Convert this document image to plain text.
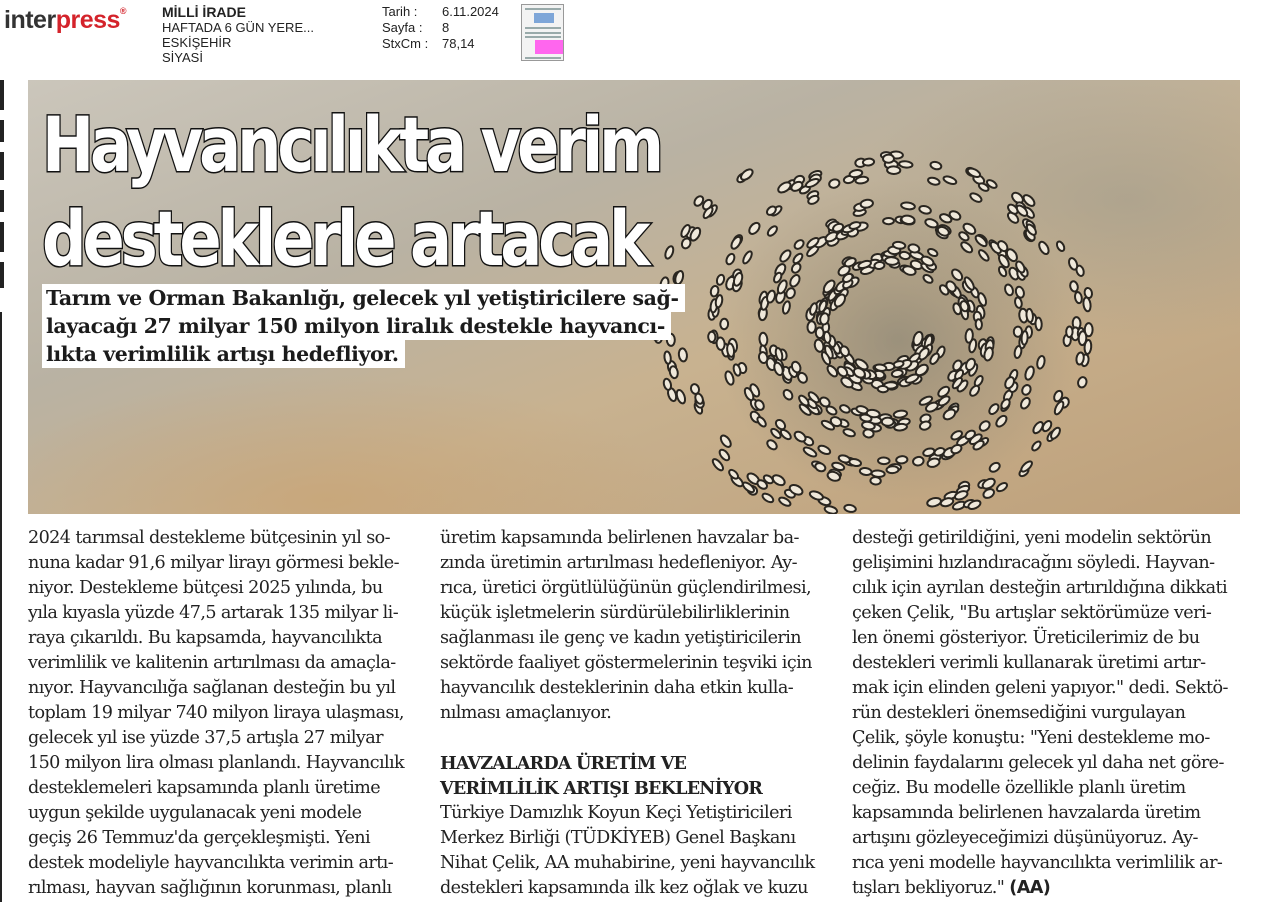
interpress®	MİLLİ İRADE
HAFTADA 6 GÜN YERE...
ESKİŞEHİR
SİYASİ
Tarih :	6.11.2024
Sayfa :	8
StxCm :	78,14
Hayvancılıkta verim
desteklerle artacak
Tarım ve Orman Bakanlığı, gelecek yıl yetiştiricilere sağ-
layacağı 27 milyar 150 milyon liralık destekle hayvancı-
lıkta verimlilik artışı hedefliyor.
2024 tarımsal destekleme bütçesinin yıl so-
nuna kadar 91,6 milyar lirayı görmesi bekle-
niyor. Destekleme bütçesi 2025 yılında, bu
yıla kıyasla yüzde 47,5 artarak 135 milyar li-
raya çıkarıldı. Bu kapsamda, hayvancılıkta
verimlilik ve kalitenin artırılması da amaçla-
nıyor. Hayvancılığa sağlanan desteğin bu yıl
toplam 19 milyar 740 milyon liraya ulaşması,
gelecek yıl ise yüzde 37,5 artışla 27 milyar
150 milyon lira olması planlandı. Hayvancılık
desteklemeleri kapsamında planlı üretime
uygun şekilde uygulanacak yeni modele
geçiş 26 Temmuz'da gerçekleşmişti. Yeni
destek modeliyle hayvancılıkta verimin artı-
rılması, hayvan sağlığının korunması, planlı
üretim kapsamında belirlenen havzalar ba-
zında üretimin artırılması hedefleniyor. Ay-
rıca, üretici örgütlülüğünün güçlendirilmesi,
küçük işletmelerin sürdürülebilirliklerinin
sağlanması ile genç ve kadın yetiştiricilerin
sektörde faaliyet göstermelerinin teşviki için
hayvancılık desteklerinin daha etkin kulla-
nılması amaçlanıyor.
HAVZALARDA ÜRETİM VE
VERİMLİLİK ARTIŞI BEKLENİYOR
Türkiye Damızlık Koyun Keçi Yetiştiricileri
Merkez Birliği (TÜDKİYEB) Genel Başkanı
Nihat Çelik, AA muhabirine, yeni hayvancılık
destekleri kapsamında ilk kez oğlak ve kuzu
desteği getirildiğini, yeni modelin sektörün
gelişimini hızlandıracağını söyledi. Hayvan-
cılık için ayrılan desteğin artırıldığına dikkati
çeken Çelik, "Bu artışlar sektörümüze veri-
len önemi gösteriyor. Üreticilerimiz de bu
destekleri verimli kullanarak üretimi artır-
mak için elinden geleni yapıyor." dedi. Sektö-
rün destekleri önemsediğini vurgulayan
Çelik, şöyle konuştu: "Yeni destekleme mo-
delinin faydalarını gelecek yıl daha net göre-
ceğiz. Bu modelle özellikle planlı üretim
kapsamında belirlenen havzalarda üretim
artışını gözleyeceğimizi düşünüyoruz. Ay-
rıca yeni modelle hayvancılıkta verimlilik ar-
tışları bekliyoruz." (AA)
